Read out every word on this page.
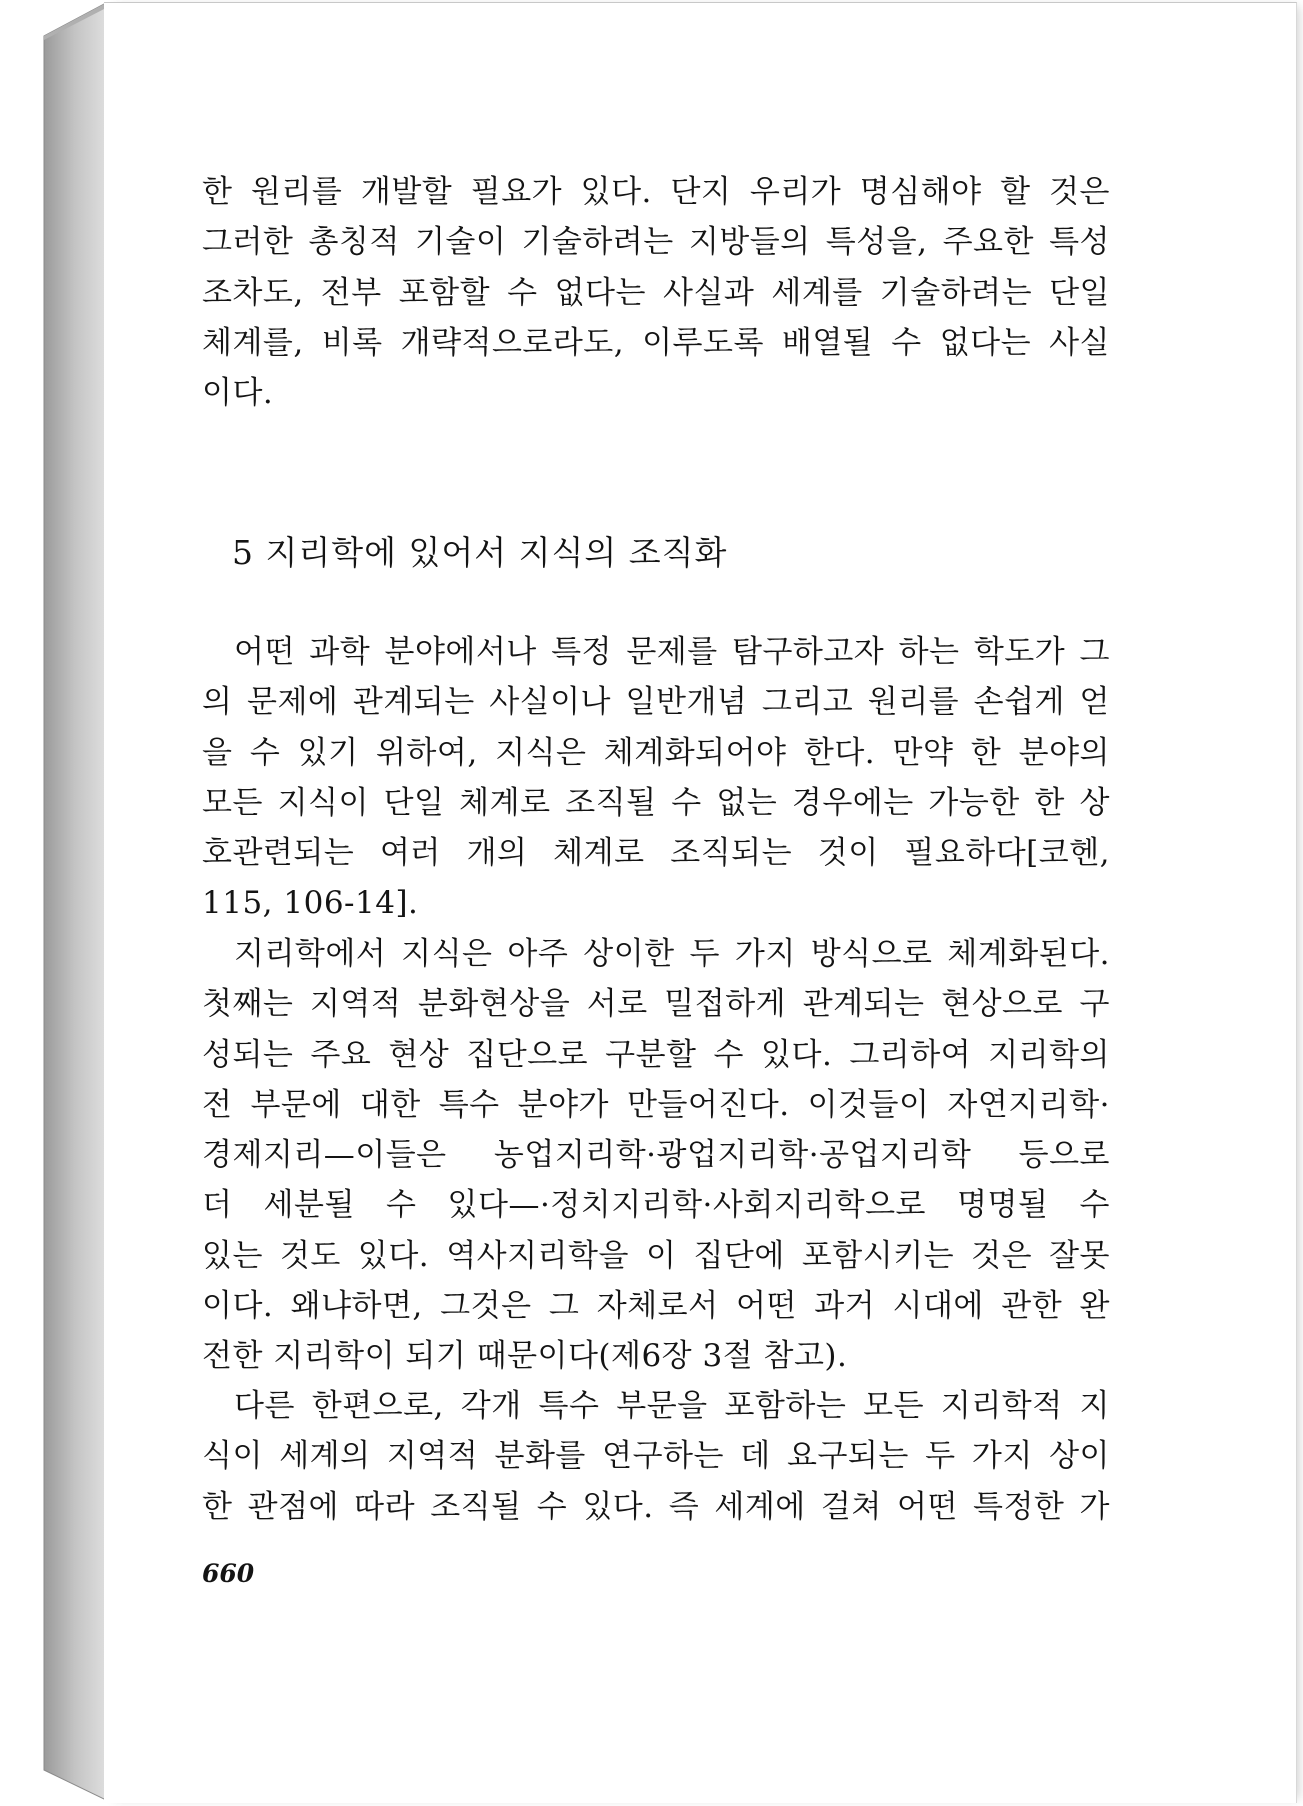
한 원리를 개발할 필요가 있다. 단지 우리가 명심해야 할 것은
그러한 총칭적 기술이 기술하려는 지방들의 특성을, 주요한 특성
조차도, 전부 포함할 수 없다는 사실과 세계를 기술하려는 단일
체계를, 비록 개략적으로라도, 이루도록 배열될 수 없다는 사실
이다.
5 지리학에 있어서 지식의 조직화
어떤 과학 분야에서나 특정 문제를 탐구하고자 하는 학도가 그
의 문제에 관계되는 사실이나 일반개념 그리고 원리를 손쉽게 얻
을 수 있기 위하여, 지식은 체계화되어야 한다. 만약 한 분야의
모든 지식이 단일 체계로 조직될 수 없는 경우에는 가능한 한 상
호관련되는 여러 개의 체계로 조직되는 것이 필요하다[코헨,
115, 106-14].
지리학에서 지식은 아주 상이한 두 가지 방식으로 체계화된다.
첫째는 지역적 분화현상을 서로 밀접하게 관계되는 현상으로 구
성되는 주요 현상 집단으로 구분할 수 있다. 그리하여 지리학의
전 부문에 대한 특수 분야가 만들어진다. 이것들이 자연지리학·
경제지리—이들은 농업지리학·광업지리학·공업지리학 등으로
더 세분될 수 있다—·정치지리학·사회지리학으로 명명될 수
있는 것도 있다. 역사지리학을 이 집단에 포함시키는 것은 잘못
이다. 왜냐하면, 그것은 그 자체로서 어떤 과거 시대에 관한 완
전한 지리학이 되기 때문이다(제6장 3절 참고).
다른 한편으로, 각개 특수 부문을 포함하는 모든 지리학적 지
식이 세계의 지역적 분화를 연구하는 데 요구되는 두 가지 상이
한 관점에 따라 조직될 수 있다. 즉 세계에 걸쳐 어떤 특정한 가
660
